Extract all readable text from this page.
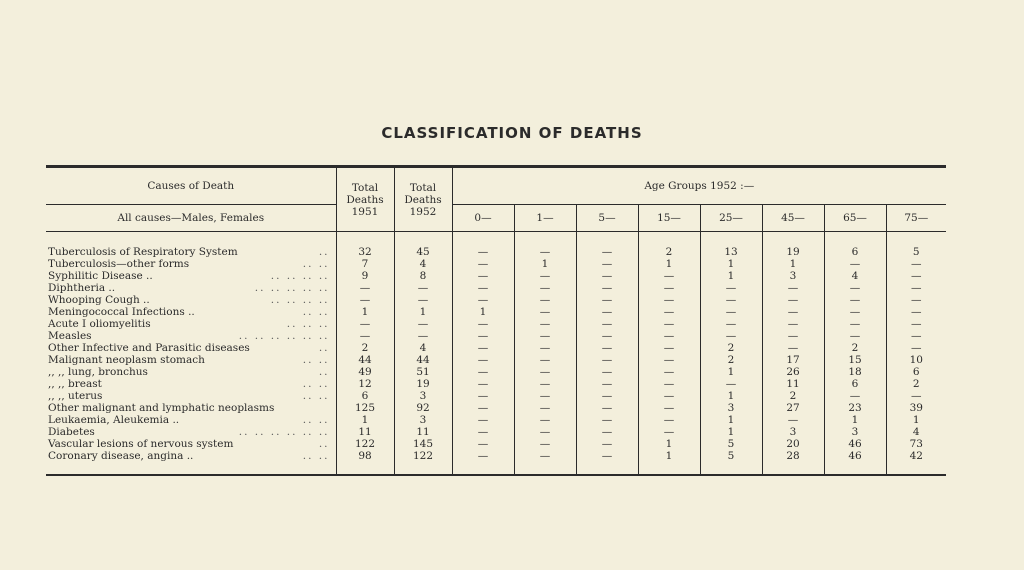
CLASSIFICATION OF DEATHS
Causes of Death	Total Deaths 1951	Total Deaths 1952	Age Groups 1952 :—							
All causes—Males, Females			0—	1—	5—	15—	25—	45—	65—	75—

Tuberculosis of Respiratory System ..	32	45	—	—	—	2	13	19	6	5

Tuberculosis—other forms .. ..	7	4	—	1	—	1	1	1	—	—

Syphilitic Disease .. .. .. .. ..	9	8	—	—	—	—	1	3	4	—

Diphtheria .. .. .. .. .. ..	—	—	—	—	—	—	—	—	—	—

Whooping Cough .. .. .. .. ..	—	—	—	—	—	—	—	—	—	—

Meningococcal Infections .. .. ..	1	1	1	—	—	—	—	—	—	—

Acute I oliomyelitis .. .. ..	—	—	—	—	—	—	—	—	—	—

Measles .. .. .. .. .. ..	—	—	—	—	—	—	—	—	—	—

Other Infective and Parasitic diseases ..	2	4	—	—	—	—	2	—	2	—

Malignant neoplasm stomach .. ..	44	44	—	—	—	—	2	17	15	10

,, ,, lung, bronchus ..	49	51	—	—	—	—	1	26	18	6

,, ,, breast .. ..	12	19	—	—	—	—	—	11	6	2

,, ,, uterus .. ..	6	3	—	—	—	—	1	2	—	—

Other malignant and lymphatic neoplasms	125	92	—	—	—	—	3	27	23	39

Leukaemia, Aleukemia .. .. ..	1	3	—	—	—	—	1	—	1	1

Diabetes .. .. .. .. .. ..	11	11	—	—	—	—	1	3	3	4

Vascular lesions of nervous system ..	122	145	—	—	—	1	5	20	46	73

Coronary disease, angina .. .. ..	98	122	—	—	—	1	5	28	46	42
